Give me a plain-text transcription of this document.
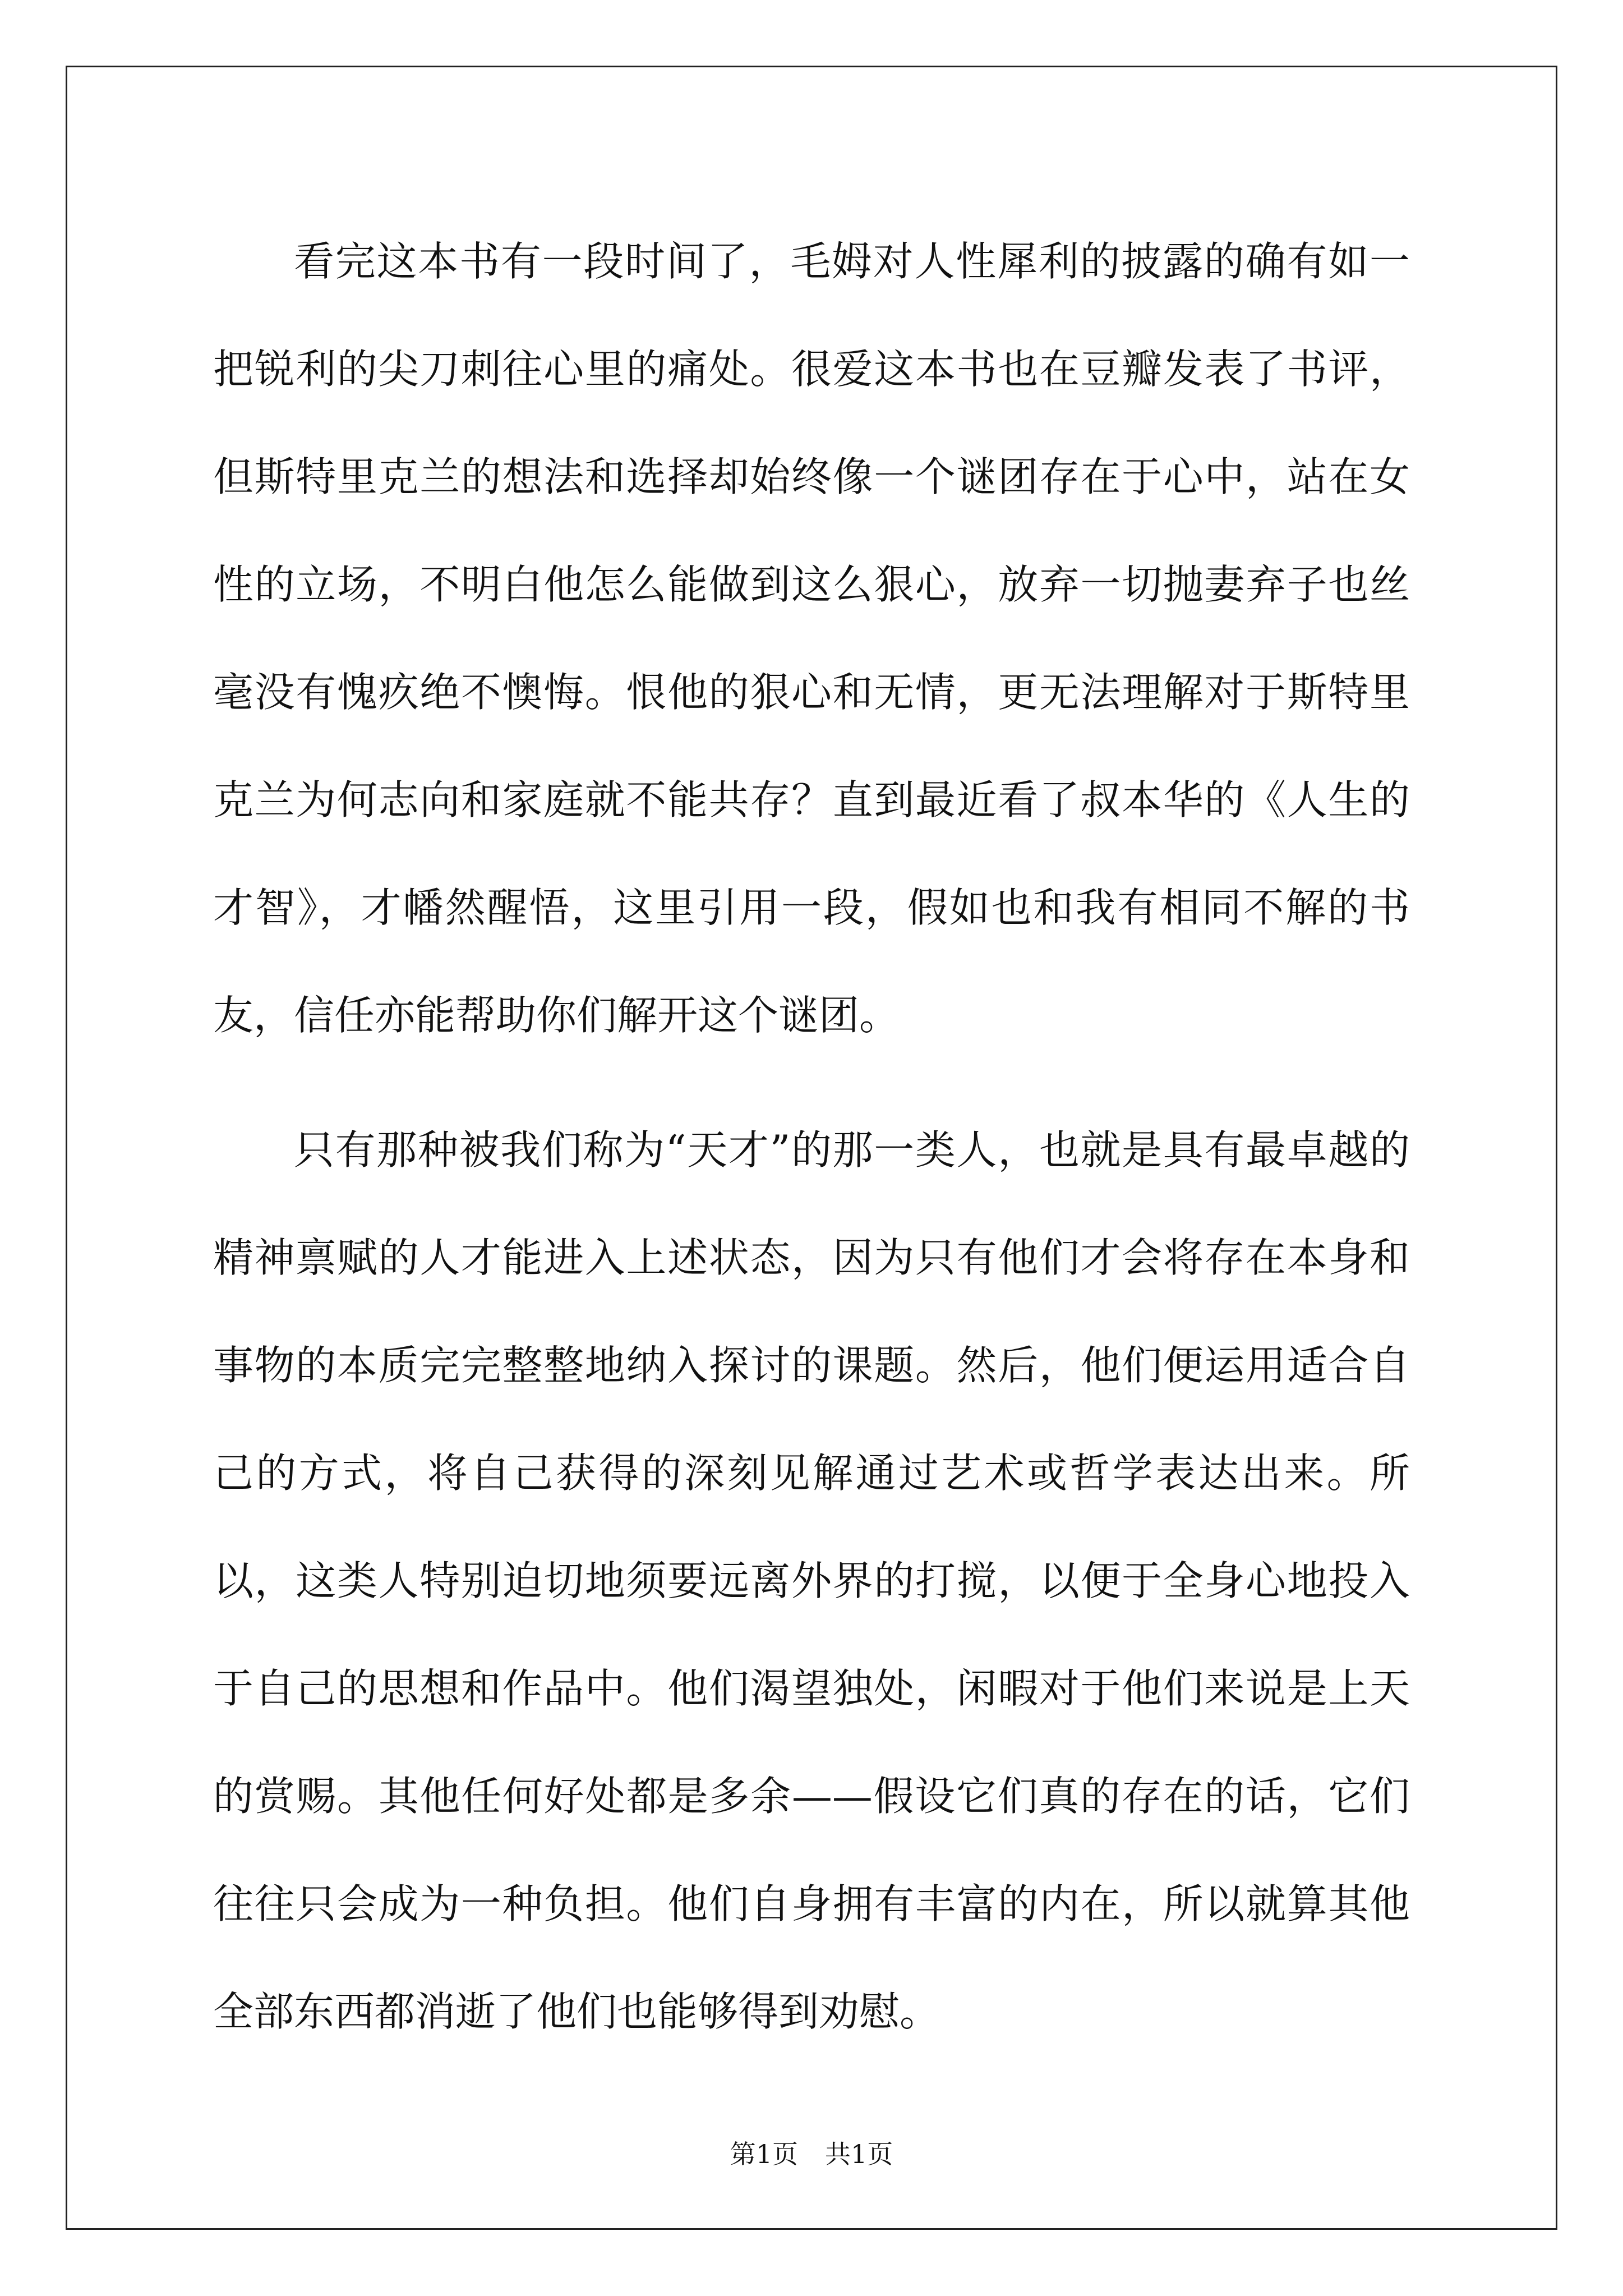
看完这本书有一段时间了，毛姆对人性犀利的披露的确有如一把锐利的尖刀刺往心里的痛处。很爱这本书也在豆瓣发表了书评，但斯特里克兰的想法和选择却始终像一个谜团存在于心中，站在女性的立场，不明白他怎么能做到这么狠心，放弃一切抛妻弃子也丝毫没有愧疚绝不懊悔。恨他的狠心和无情，更无法理解对于斯特里克兰为何志向和家庭就不能共存？直到最近看了叔本华的《人生的才智》，才幡然醒悟，这里引用一段，假如也和我有相同不解的书友，信任亦能帮助你们解开这个谜团。

只有那种被我们称为“天才”的那一类人，也就是具有最卓越的精神禀赋的人才能进入上述状态，因为只有他们才会将存在本身和事物的本质完完整整地纳入探讨的课题。然后，他们便运用适合自己的方式，将自己获得的深刻见解通过艺术或哲学表达出来。所以，这类人特别迫切地须要远离外界的打搅，以便于全身心地投入于自己的思想和作品中。他们渴望独处，闲暇对于他们来说是上天的赏赐。其他任何好处都是多余——假设它们真的存在的话，它们往往只会成为一种负担。他们自身拥有丰富的内在，所以就算其他全部东西都消逝了他们也能够得到劝慰。

第1页 共1页
